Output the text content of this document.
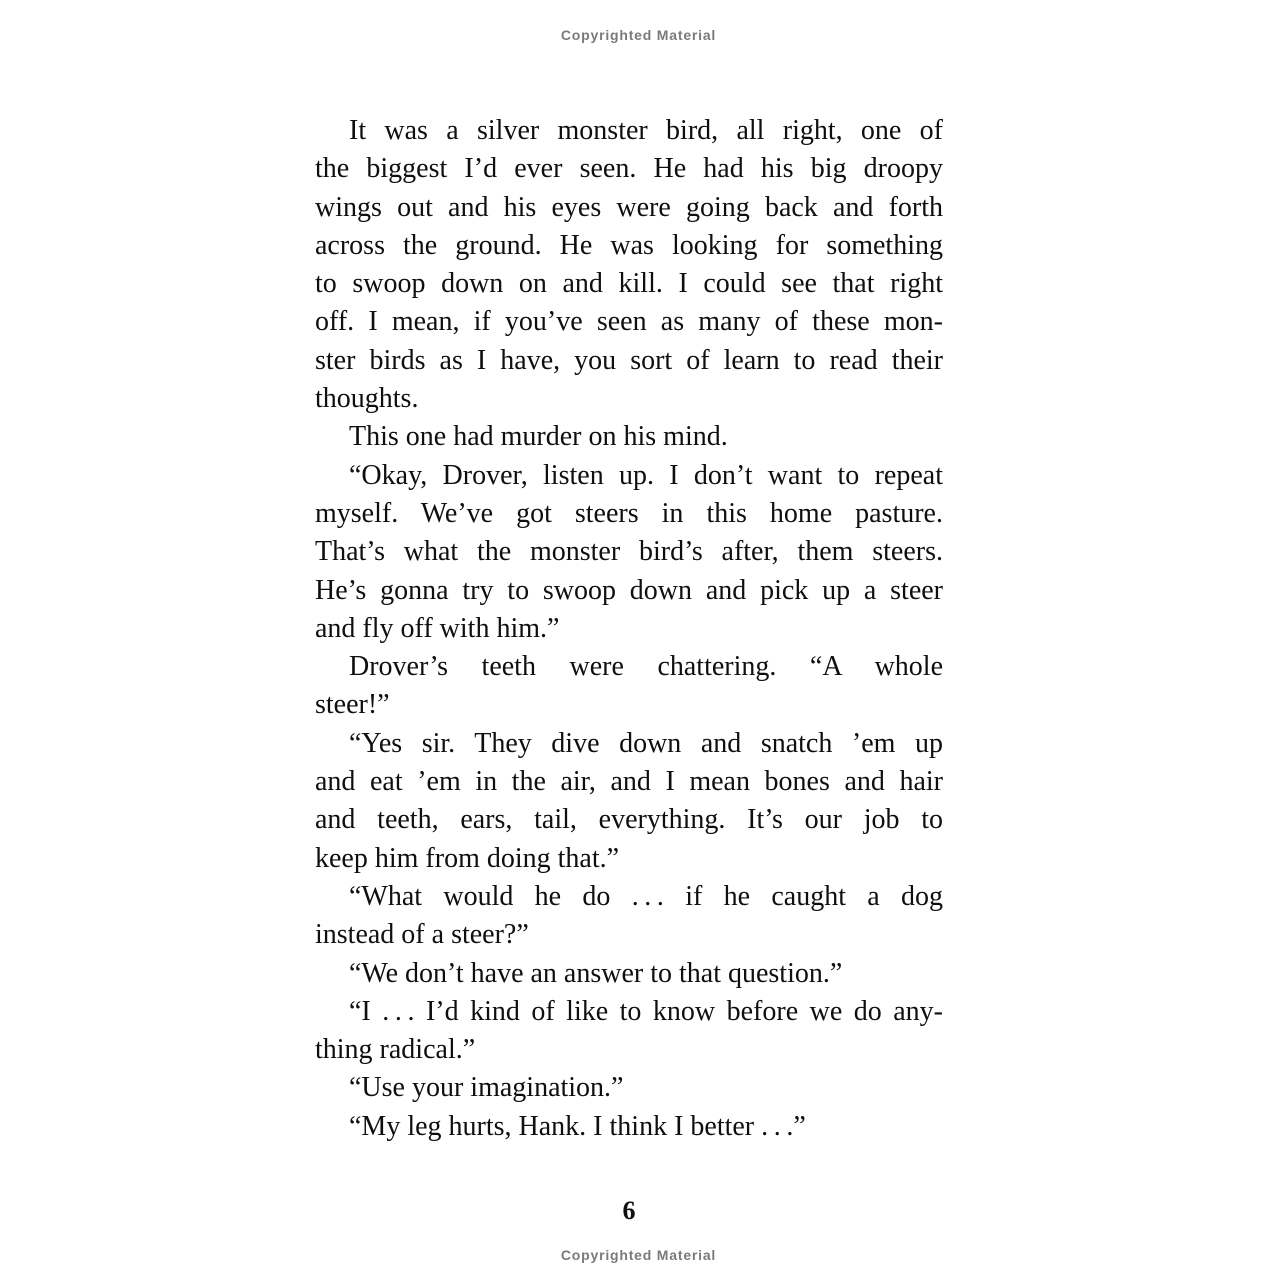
Copyrighted Material
It was a silver monster bird, all right, one of
the biggest I’d ever seen. He had his big droopy
wings out and his eyes were going back and forth
across the ground. He was looking for something
to swoop down on and kill. I could see that right
off. I mean, if you’ve seen as many of these mon-
ster birds as I have, you sort of learn to read their
thoughts.
This one had murder on his mind.
“Okay, Drover, listen up. I don’t want to repeat
myself. We’ve got steers in this home pasture.
That’s what the monster bird’s after, them steers.
He’s gonna try to swoop down and pick up a steer
and fly off with him.”
Drover’s teeth were chattering. “A whole
steer!”
“Yes sir. They dive down and snatch ’em up
and eat ’em in the air, and I mean bones and hair
and teeth, ears, tail, everything. It’s our job to
keep him from doing that.”
“What would he do . . . if he caught a dog
instead of a steer?”
“We don’t have an answer to that question.”
“I . . . I’d kind of like to know before we do any-
thing radical.”
“Use your imagination.”
“My leg hurts, Hank. I think I better . . .”
6
Copyrighted Material
